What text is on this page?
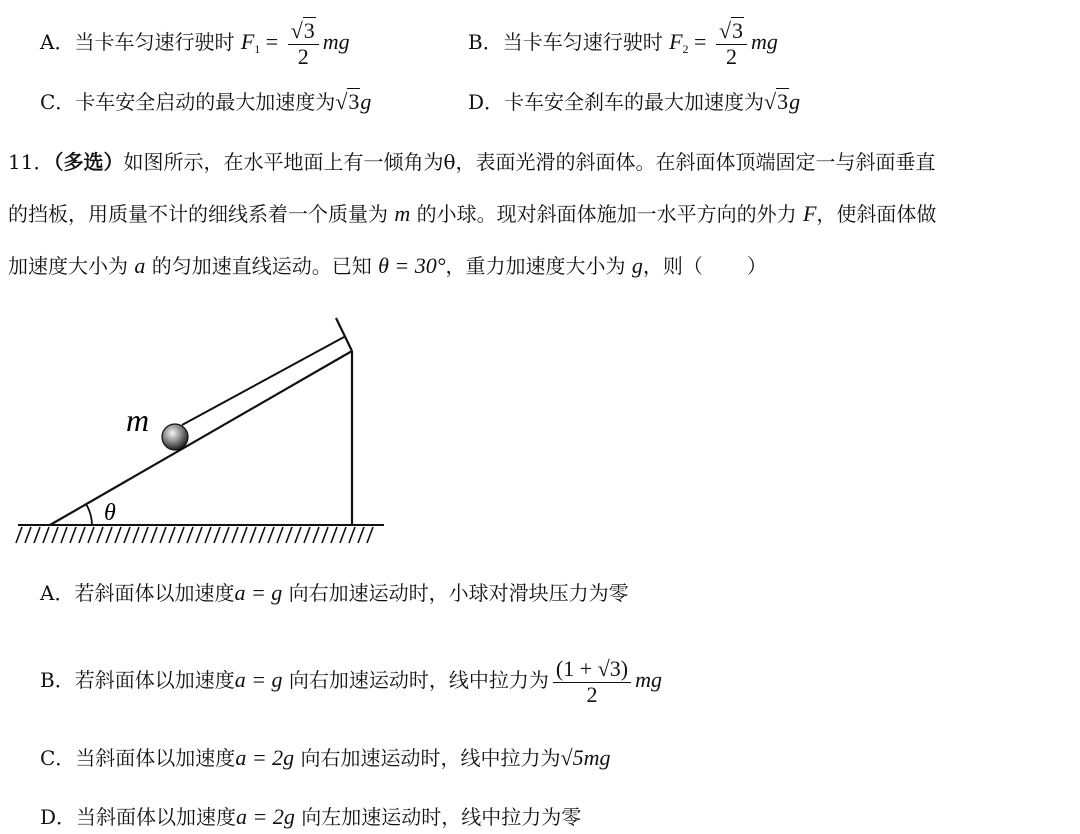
A．当卡车匀速行驶时 $F_1 = \frac{√3}{2}$ mg	B．当卡车匀速行驶时 $F_2 = \frac{√3}{2}$ mg
C．卡车安全启动的最大加速度为√3g	D．卡车安全刹车的最大加速度为√3g
11．（多选）如图所示，在水平地面上有一倾角为θ，表面光滑的斜面体。在斜面体顶端固定一与斜面垂直
的挡板，用质量不计的细线系着一个质量为 m 的小球。现对斜面体施加一水平方向的外力 F，使斜面体做
加速度大小为 a 的匀加速直线运动。已知 θ = 30°，重力加速度大小为 g，则（ ）
m
θ
A．若斜面体以加速度a = g 向右加速运动时，小球对滑块压力为零
B．若斜面体以加速度a = g 向右加速运动时，线中拉力为 $\frac{(1 + √3)}{2}$ mg
C．当斜面体以加速度a = 2g 向右加速运动时，线中拉力为√5mg
D．当斜面体以加速度a = 2g 向左加速运动时，线中拉力为零
